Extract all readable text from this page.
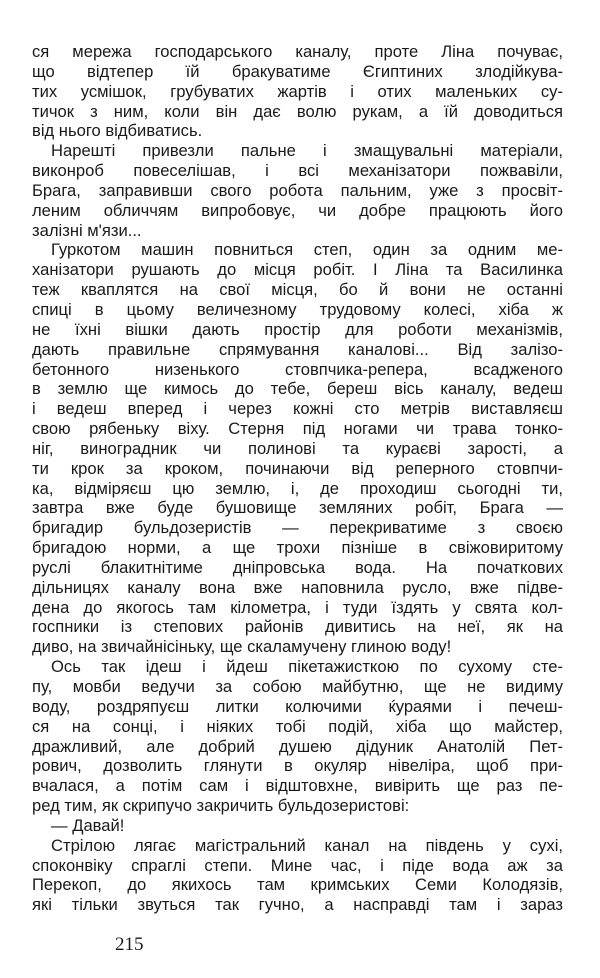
ся мережа господарського каналу, проте Ліна почуває,
що відтепер їй бракуватиме Єгиптиних злодійкува-
тих усмішок, грубуватих жартів і отих маленьких су-
тичок з ним, коли він дає волю рукам, а їй доводиться
від нього відбиватись.
Нарешті привезли пальне і змащувальні матеріали,
виконроб повеселішав, і всі механізатори пожвавіли,
Брага, заправивши свого робота пальним, уже з просвіт-
леним обличчям випробовує, чи добре працюють його
залізні м'язи...
Гуркотом машин повниться степ, один за одним ме-
ханізатори рушають до місця робіт. І Ліна та Василинка
теж кваплятся на свої місця, бо й вони не останні
спиці в цьому величезному трудовому колесі, хіба ж
не їхні вішки дають простір для роботи механізмів,
дають правильне спрямування каналові... Від залізо-
бетонного низенького стовпчика-репера, всадженого
в землю ще кимось до тебе, береш вісь каналу, ведеш
і ведеш вперед і через кожні сто метрів виставляєш
свою рябеньку віху. Стерня під ногами чи трава тонко-
ніг, виноградник чи полинові та кураєві зарості, а
ти крок за кроком, починаючи від реперного стовпчи-
ка, відміряєш цю землю, і, де проходиш сьогодні ти,
завтра вже буде бушовище земляних робіт, Брага —
бригадир бульдозеристів — перекриватиме з своєю
бригадою норми, а ще трохи пізніше в свіжовиритому
руслі блакитнітиме дніпровська вода. На початкових
дільницях каналу вона вже наповнила русло, вже підве-
дена до якогось там кілометра, і туди їздять у свята кол-
госпники із степових районів дивитись на неї, як на
диво, на звичайнісіньку, ще скаламучену глиною воду!
Ось так ідеш і йдеш пікетажисткою по сухому сте-
пу, мовби ведучи за собою майбутню, ще не видиму
воду, роздряпуєш литки колючими ќураями і печеш-
ся на сонці, і ніяких тобі подій, хіба що майстер,
дражливий, але добрий душею дідуник Анатолій Пет-
рович, дозволить глянути в окуляр нівеліра, щоб при-
вчалася, а потім сам і відштовхне, вивірить ще раз пе-
ред тим, як скрипучо закричить бульдозеристові:
— Давай!
Стрілою лягає магістральний канал на південь у сухі,
споконвіку спраглі степи. Мине час, і піде вода аж за
Перекоп, до якихось там кримських Семи Колодязів,
які тільки звуться так гучно, а насправді там і зараз
215
